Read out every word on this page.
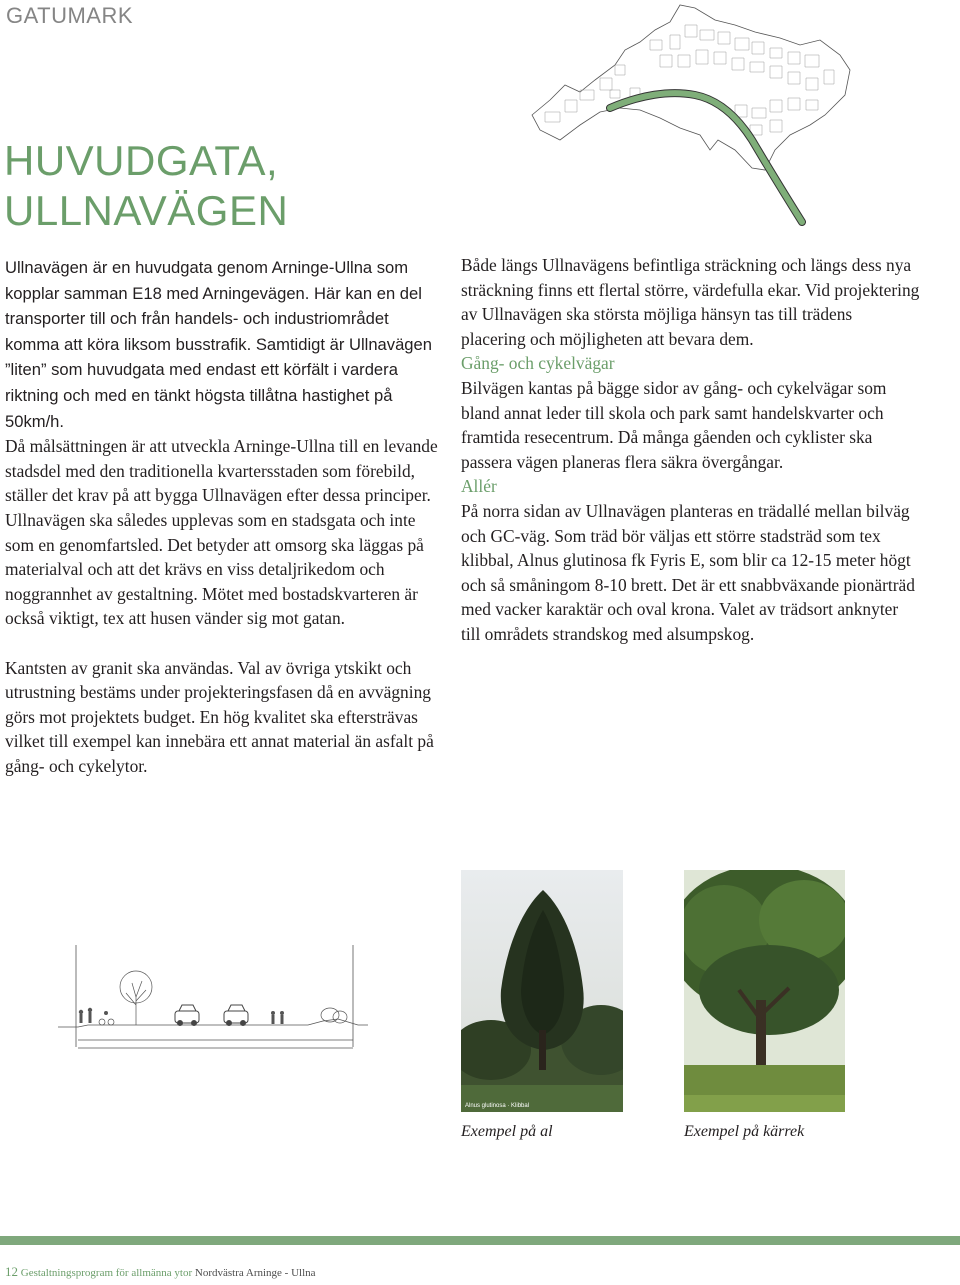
GATUMARK
HUVUDGATA,
ULLNAVÄGEN

Ullnavägen är en huvudgata genom Arninge-Ullna som kopplar samman E18 med Arningevägen. Här kan en del transporter till och från handels- och industriområdet komma att köra liksom busstrafik. Samtidigt är Ullnavägen ”liten” som huvudgata med endast ett körfält i vardera riktning och med en tänkt högsta tillåtna hastighet på 50km/h.

Då målsättningen är att utveckla Arninge-Ullna till en levande stadsdel med den traditionella kvartersstaden som förebild, ställer det krav på att bygga Ullnavägen efter dessa principer. Ullnavägen ska således upplevas som en stadsgata och inte som en genomfartsled. Det betyder att omsorg ska läggas på materialval och att det krävs en viss detaljrikedom och noggrannhet av gestaltning. Mötet med bostadskvarteren är också viktigt, tex att husen vänder sig mot gatan.

Kantsten av granit ska användas. Val av övriga ytskikt och utrustning bestäms under projekteringsfasen då en avvägning görs mot projektets budget. En hög kvalitet ska eftersträvas vilket till exempel kan innebära ett annat material än asfalt på gång- och cykelytor.

Både längs Ullnavägens befintliga sträckning och längs dess nya sträckning finns ett flertal större, värdefulla ekar. Vid projektering av Ullnavägen ska största möjliga hänsyn tas till trädens placering och möjligheten att bevara dem.

Gång- och cykelvägar

Bilvägen kantas på bägge sidor av gång- och cykelvägar som bland annat leder till skola och park samt handelskvarter och framtida resecentrum. Då många gåenden och cyklister ska passera vägen planeras flera säkra övergångar.

Allér

På norra sidan av Ullnavägen planteras en trädallé mellan bilväg och GC-väg. Som träd bör väljas ett större stadsträd som tex klibbal, Alnus glutinosa fk Fyris E, som blir ca 12-15 meter högt och så småningom 8-10 brett. Det är ett snabbväxande pionärträd med vacker karaktär och oval krona. Valet av trädsort anknyter till områdets strandskog med alsumpskog.

Alnus glutinosa · Klibbal
Exempel på al	Exempel på kärrek
12 Gestaltningsprogram för allmänna ytor Nordvästra Arninge - Ullna
